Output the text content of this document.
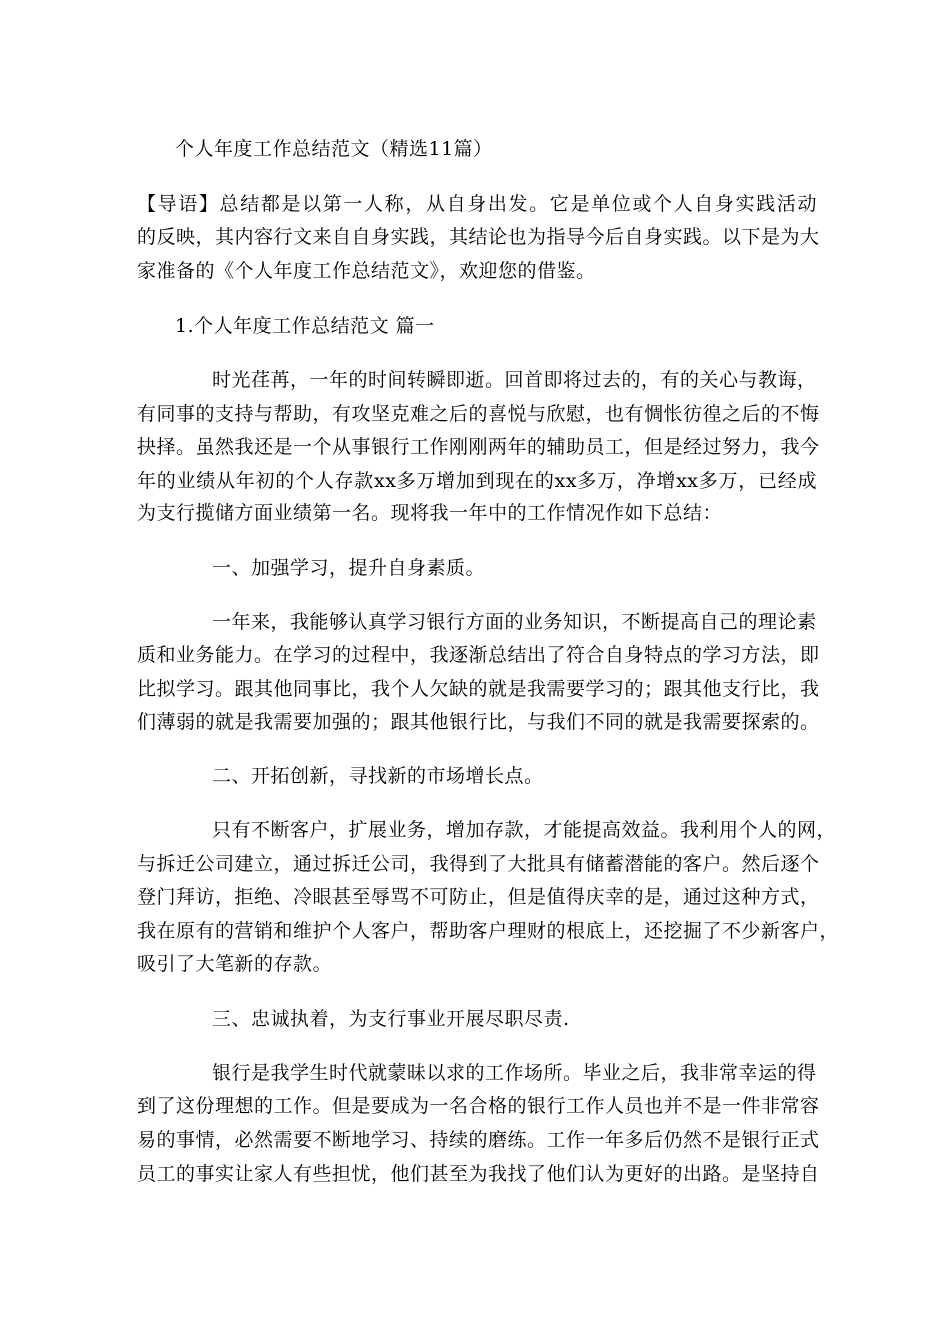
个人年度工作总结范文（精选11篇）

【导语】总结都是以第一人称，从自身出发。它是单位或个人自身实践活动

的反映，其内容行文来自自身实践，其结论也为指导今后自身实践。以下是为大

家准备的《个人年度工作总结范文》，欢迎您的借鉴。

1.个人年度工作总结范文 篇一

时光荏苒，一年的时间转瞬即逝。回首即将过去的，有的关心与教诲，

有同事的支持与帮助，有攻坚克难之后的喜悦与欣慰，也有惆怅彷徨之后的不悔

抉择。虽然我还是一个从事银行工作刚刚两年的辅助员工，但是经过努力，我今

年的业绩从年初的个人存款xx多万增加到现在的xx多万，净增xx多万，已经成

为支行揽储方面业绩第一名。现将我一年中的工作情况作如下总结：

一、加强学习，提升自身素质。

一年来，我能够认真学习银行方面的业务知识，不断提高自己的理论素

质和业务能力。在学习的过程中，我逐渐总结出了符合自身特点的学习方法，即

比拟学习。跟其他同事比，我个人欠缺的就是我需要学习的；跟其他支行比，我

们薄弱的就是我需要加强的；跟其他银行比，与我们不同的就是我需要探索的。

二、开拓创新，寻找新的市场增长点。

只有不断客户，扩展业务，增加存款，才能提高效益。我利用个人的网，

与拆迁公司建立，通过拆迁公司，我得到了大批具有储蓄潜能的客户。然后逐个

登门拜访，拒绝、冷眼甚至辱骂不可防止，但是值得庆幸的是，通过这种方式，

我在原有的营销和维护个人客户，帮助客户理财的根底上，还挖掘了不少新客户，

吸引了大笔新的存款。

三、忠诚执着，为支行事业开展尽职尽责.

银行是我学生时代就蒙昧以求的工作场所。毕业之后，我非常幸运的得

到了这份理想的工作。但是要成为一名合格的银行工作人员也并不是一件非常容

易的事情，必然需要不断地学习、持续的磨练。工作一年多后仍然不是银行正式

员工的事实让家人有些担忧，他们甚至为我找了他们认为更好的出路。是坚持自
